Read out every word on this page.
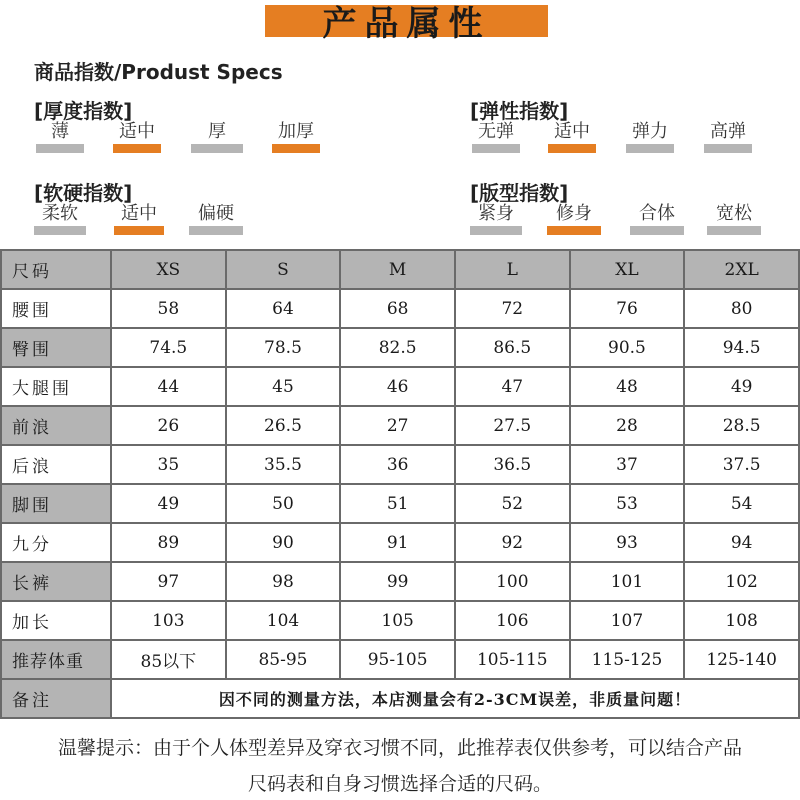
产品属性
商品指数/Produst Specs
[厚度指数]
薄	适中	厚	加厚
[弹性指数]
无弹	适中	弹力	高弹
[软硬指数]
柔软	适中	偏硬
[版型指数]
紧身	修身	合体	宽松
尺码	XS	S	M	L	XL	2XL
腰围	58	64	68	72	76	80
臀围	74.5	78.5	82.5	86.5	90.5	94.5
大腿围	44	45	46	47	48	49
前浪	26	26.5	27	27.5	28	28.5
后浪	35	35.5	36	36.5	37	37.5
脚围	49	50	51	52	53	54
九分	89	90	91	92	93	94
长裤	97	98	99	100	101	102
加长	103	104	105	106	107	108
推荐体重	85以下	85-95	95-105	105-115	115-125	125-140
备注	因不同的测量方法，本店测量会有2-3CM误差，非质量问题！					
温馨提示：由于个人体型差异及穿衣习惯不同，此推荐表仅供参考，可以结合产品
尺码表和自身习惯选择合适的尺码。
